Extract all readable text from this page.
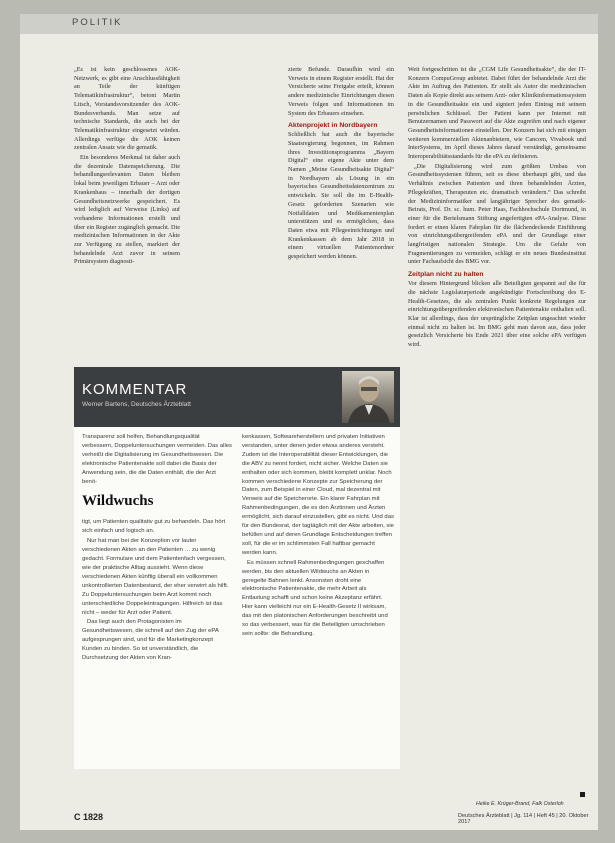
POLITIK

„Es ist kein geschlossenes AOK-Netzwerk, es gibt eine Anschlussfähigkeit an Teile der künftigen Telematikinfrastruktur“, betont Martin Litsch, Vorstandsvorsitzender des AOK-Bundesverbands. Man setze auf technische Standards, die auch bei der Telematikinfrastruktur eingesetzt würden. Allerdings verfüge die AOK keinen zentralen Ansatz wie die gematik.

Ein besonderes Merkmal ist daher auch die dezentrale Datenspeicherung. Die behandlungsrelevanten Daten bleiben lokal beim jeweiligen Erbauer – Arzt oder Krankenhaus – innerhalb der dortigen Gesundheitsnetzwerke gespeichert. Es wird lediglich auf Verweise (Links) auf vorhandene Informationen erstellt und über ein Register zugänglich gemacht. Die medizinischen Informationen in der Akte zur Verfügung zu stellen, markiert der behandelnde Arzt zuvor in seinem Primärsystem diagnosti-

zierte Befunde. Daraufhin wird ein Verweis in einem Register erstellt. Hat der Versicherte seine Freigabe erteilt, können andere medizinische Einrichtungen diesen Verweis folgen und Informationen im System des Erbauers einsehen.

Aktenprojekt in Nordbayern

Schließlich hat auch die bayerische Staatsregierung begonnen, im Rahmen ihres Investitionsprogramms „Bayern Digital“ eine eigene Akte unter dem Namen „Meine Gesundheitsakte Digital“ in Nordbayern als Lösung in ein bayerisches Gesundheitsdatenzentrum zu entwickeln. Sie soll die im E-Health-Gesetz geforderten Szenarien wie Notfalldaten und Medikamentenplan unterstützen und es ermöglichen, dass Daten etwa mit Pflegeeinrichtungen und Krankenkassen ab dem Jahr 2018 in einem virtuellen Patientenordner gespeichert werden können.

Weit fortgeschritten ist die „CGM Life Gesundheitsakte“, die der IT-Konzern CompuGroup anbietet. Dabei führt der behandelnde Arzt die Akte im Auftrag des Patienten. Er stellt als Autor die medizinischen Daten als Kopie direkt aus seinem Arzt- oder Klinikinformationssystem in die Gesundheitsakte ein und signiert jeden Eintrag mit seinem persönlichen Schlüssel. Der Patient kann per Internet mit Benutzernamen und Passwort auf die Akte zugreifen und nach eigener Gesundheitsinformationen einstellen. Der Konzern hat sich mit einigen weiteren kommerziellen Aktenanbietern, wie Cancom, Vivabook und InterSystems, im April dieses Jahres darauf verständigt, gemeinsame Interoperabilitätsstandards für die ePA zu definieren.

„Die Digitalisierung wird zum größten Umbau von Gesundheitssystemen führen, seit es diese überhaupt gibt, und das Verhältnis zwischen Patienten und ihren behandelnden Ärzten, Pflegekräften, Therapeuten etc. dramatisch verändern.“ Das schreibt der Medizininformatiker und langjähriger Sprecher des gematik-Beirats, Prof. Dr. sc. hum. Peter Haas, Fachhochschule Dortmund, in einer für die Bertelsmann Stiftung angefertigten ePA-Analyse. Diese fordert er einen klaren Fahrplan für die flächendeckende Einführung von einrichtungsübergreifenden ePA und der Grundlage einer langfristigen nationalen Strategie. Um die Gefahr von Fragmentierungen zu vermeiden, schlägt er ein neues Bundesinstitut unter Fachaufsicht des BMG vor.

Zeitplan nicht zu halten

Vor diesem Hintergrund blicken alle Beteiligten gespannt auf die für die nächste Legislaturperiode angekündigte Fortschreibung des E-Health-Gesetzes, die als zentralen Punkt konkrete Regelungen zur einrichtungsübergreifenden elektronischen Patientenakte enthalten soll. Klar ist allerdings, dass der ursprüngliche Zeitplan ungeachtet wieder einmal nicht zu halten ist. Im BMG geht man davon aus, dass jeder gesetzlich Versicherte bis Ende 2021 über eine solche ePA verfügen wird.

Heike E. Krüger-Brand, Falk Osterloh
KOMMENTAR
Werner Bartens, Deutsches Ärzteblatt

Transparenz soll helfen, Behandlungsqualität verbessern, Doppeluntersuchungen vermeiden. Das alles verheißt die Digitalisierung im Gesundheitswesen. Die elektronische Patientenakte soll dabei die Basis der Anwendung sein, die die Daten enthält, die der Arzt benö-

Wildwuchs

tigt, um Patienten qualitativ gut zu behandeln. Das hört sich einfach und logisch an.

Nur hat man bei der Konzeption vor lauter verschiedenen Akten an den Patienten … zu wenig gedacht. Formulare und dem Patientenfach vergessen, wie der praktische Alltag aussieht. Wenn diese verschiedenen Akten künftig überall ein vollkommen unkontrollierten Datenbestand, der eher verwirrt als hilft. Zu Doppeluntersuchungen beim Arzt kommt noch unterschiedliche Doppeleintragungen. Hilfreich ist das nicht – weder für Arzt oder Patient.

Das liegt auch den Protagonisten im Gesundheitswesen, die schnell auf den Zug der ePA aufgesprungen sind, und für die Marketingkonzept Kunden zu binden. So ist unverständlich, die Durchsetzung der Akten von Kran-

kenkassen, Softwareherstellern und privaten Initiativen verstanden, unter denen jeder etwas anderes versteht. Zudem ist die Interoperabilität dieser Entwicklungen, die die ABV zu nennt fordert, nicht sicher. Welche Daten sie enthalten oder sich kommen, bleibt komplett unklar. Noch kommen verschiedene Konzepte zur Speicherung der Daten, zum Beispiel in einer Cloud, mal dezentral mit Verweis auf die Speicherorte. Ein klarer Fahrplan mit Rahmenbedingungen, die es den Ärztinnen und Ärzten ermöglicht, sich darauf einzustellen, gibt es nicht. Und das für den Bundesrat, der tagtäglich mit der Akte arbeiten, sie befüllen und auf deren Grundlage Entscheidungen treffen soll, für die er im schlimmsten Fall haftbar gemacht werden kann.

Es müssen schnell Rahmenbedingungen geschaffen werden, bis den aktuellen Wildwuchs an Akten in geregelte Bahnen lenkt. Ansonsten droht eine elektronische Patientenakte, die mehr Arbeit als Entlastung schafft und schon keine Akzeptanz erfährt. Hier kann vielleicht nur ein E-Health-Gesetz II wirksam, das mit den platonischen Anforderungen beschreibt und so das verbessert, was für die Beteiligten umschrieben sein sollte: die Behandlung.

C 1828	Deutsches Ärzteblatt | Jg. 114 | Heft 45 | 20. Oktober 2017
